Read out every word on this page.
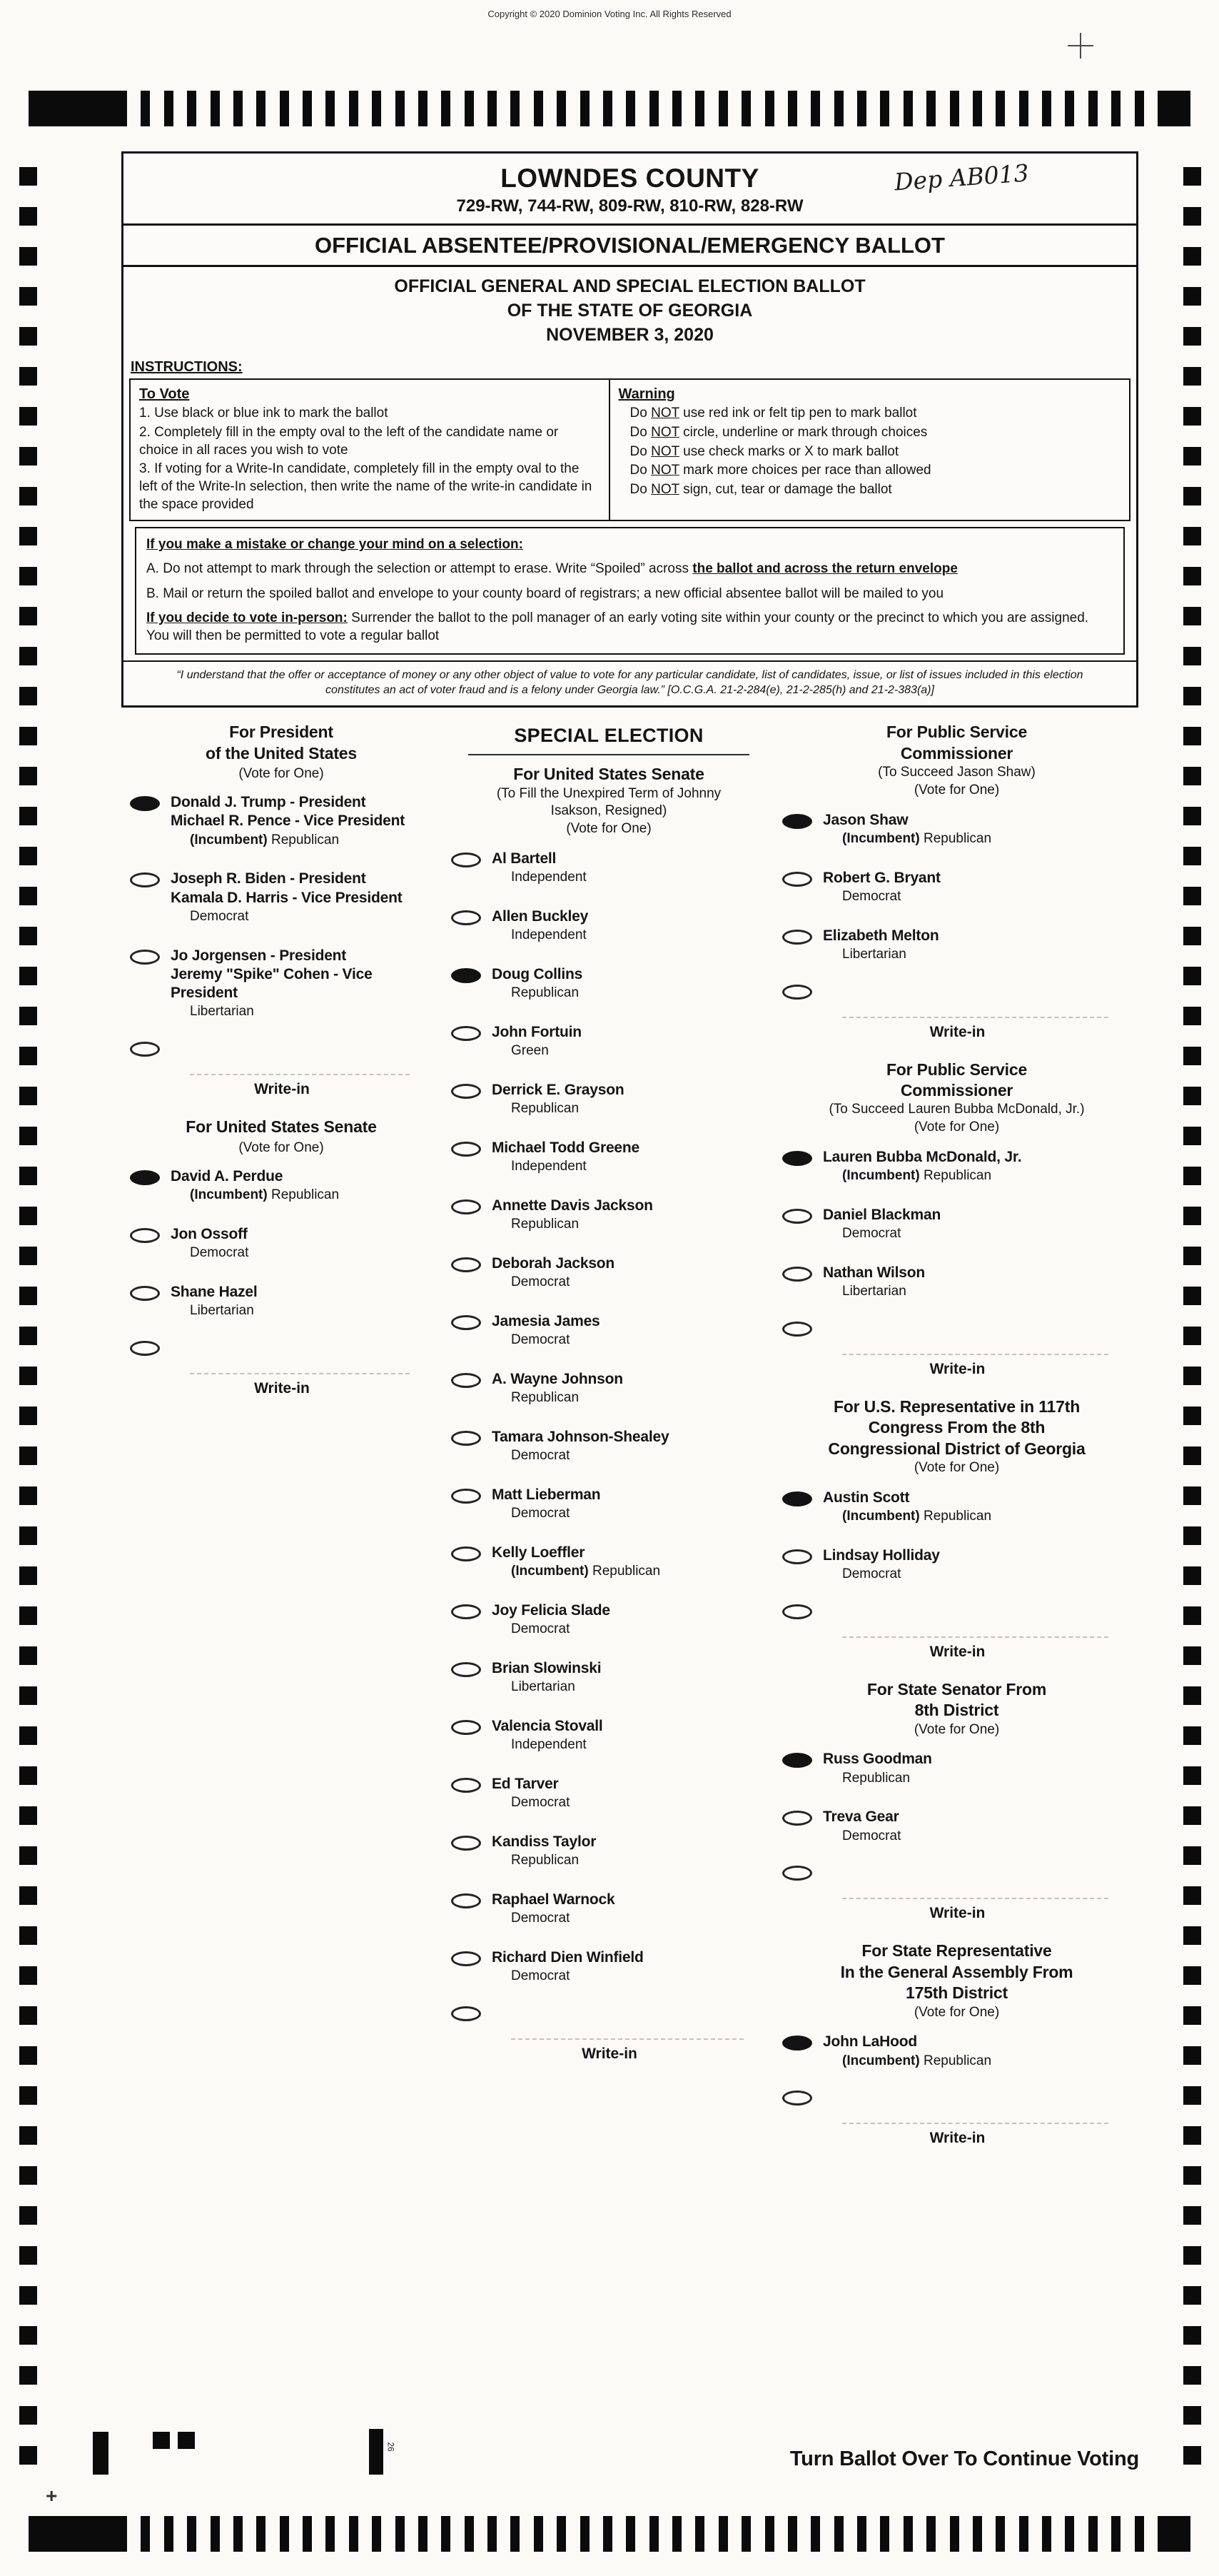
Copyright © 2020 Dominion Voting Inc. All Rights Reserved
LOWNDES COUNTY
729-RW, 744-RW, 809-RW, 810-RW, 828-RW
Dep AB013
OFFICIAL ABSENTEE/PROVISIONAL/EMERGENCY BALLOT
OFFICIAL GENERAL AND SPECIAL ELECTION BALLOT
OF THE STATE OF GEORGIA
NOVEMBER 3, 2020
INSTRUCTIONS:
To Vote
1. Use black or blue ink to mark the ballot
2. Completely fill in the empty oval to the left of the candidate name or choice in all races you wish to vote
3. If voting for a Write-In candidate, completely fill in the empty oval to the left of the Write-In selection, then write the name of the write-in candidate in the space provided
Warning
Do NOT use red ink or felt tip pen to mark ballot
Do NOT circle, underline or mark through choices
Do NOT use check marks or X to mark ballot
Do NOT mark more choices per race than allowed
Do NOT sign, cut, tear or damage the ballot
If you make a mistake or change your mind on a selection:

A. Do not attempt to mark through the selection or attempt to erase. Write “Spoiled” across the ballot and across the return envelope

B. Mail or return the spoiled ballot and envelope to your county board of registrars; a new official absentee ballot will be mailed to you

If you decide to vote in-person: Surrender the ballot to the poll manager of an early voting site within your county or the precinct to which you are assigned. You will then be permitted to vote a regular ballot

“I understand that the offer or acceptance of money or any other object of value to vote for any particular candidate, list of candidates, issue, or list of issues included in this election constitutes an act of voter fraud and is a felony under Georgia law.” [O.C.G.A. 21-2-284(e), 21-2-285(h) and 21-2-383(a)]
For President
of the United States
(Vote for One)
Donald J. Trump - President
Michael R. Pence - Vice President
(Incumbent) Republican
Joseph R. Biden - President
Kamala D. Harris - Vice President
Democrat
Jo Jorgensen - President
Jeremy "Spike" Cohen - Vice President
Libertarian
Write-in
For United States Senate
(Vote for One)
David A. Perdue
(Incumbent) Republican
Jon Ossoff
Democrat
Shane Hazel
Libertarian
Write-in
SPECIAL ELECTION
For United States Senate
(To Fill the Unexpired Term of Johnny
Isakson, Resigned)
(Vote for One)
Al Bartell
Independent
Allen Buckley
Independent
Doug Collins
Republican
John Fortuin
Green
Derrick E. Grayson
Republican
Michael Todd Greene
Independent
Annette Davis Jackson
Republican
Deborah Jackson
Democrat
Jamesia James
Democrat
A. Wayne Johnson
Republican
Tamara Johnson-Shealey
Democrat
Matt Lieberman
Democrat
Kelly Loeffler
(Incumbent) Republican
Joy Felicia Slade
Democrat
Brian Slowinski
Libertarian
Valencia Stovall
Independent
Ed Tarver
Democrat
Kandiss Taylor
Republican
Raphael Warnock
Democrat
Richard Dien Winfield
Democrat
Write-in
For Public Service
Commissioner
(To Succeed Jason Shaw)
(Vote for One)
Jason Shaw
(Incumbent) Republican
Robert G. Bryant
Democrat
Elizabeth Melton
Libertarian
Write-in
For Public Service
Commissioner
(To Succeed Lauren Bubba McDonald, Jr.)
(Vote for One)
Lauren Bubba McDonald, Jr.
(Incumbent) Republican
Daniel Blackman
Democrat
Nathan Wilson
Libertarian
Write-in
For U.S. Representative in 117th
Congress From the 8th
Congressional District of Georgia
(Vote for One)
Austin Scott
(Incumbent) Republican
Lindsay Holliday
Democrat
Write-in
For State Senator From
8th District
(Vote for One)
Russ Goodman
Republican
Treva Gear
Democrat
Write-in
For State Representative
In the General Assembly From
175th District
(Vote for One)
John LaHood
(Incumbent) Republican
Write-in
Turn Ballot Over To Continue Voting
+
26
